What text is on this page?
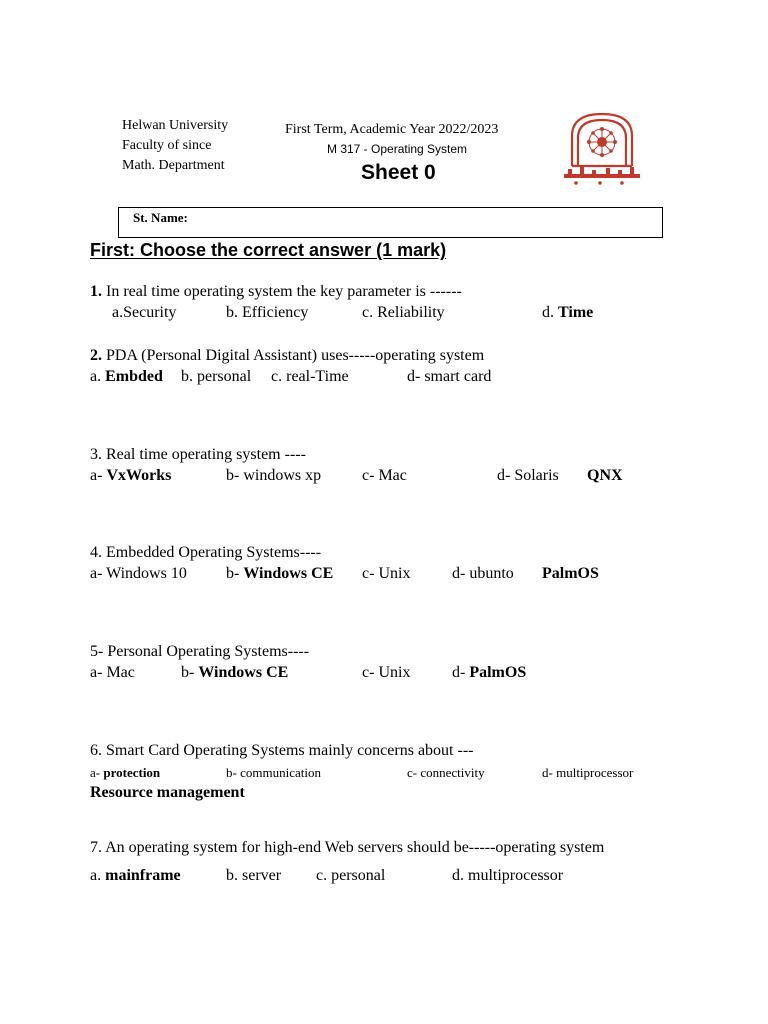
Helwan University
Faculty of since
Math. Department
First Term, Academic Year 2022/2023
M 317 - Operating System
Sheet 0
St. Name:
First: Choose the correct answer (1 mark)
1. In real time operating system the key parameter is ------
a.Security	b. Efficiency	c. Reliability	d. Time
2. PDA (Personal Digital Assistant) uses-----operating system
a. Embded b. personal c. real-Time	d- smart card
3. Real time operating system ----
a- VxWorks	b- windows xp	c- Mac	d- Solaris QNX
4. Embedded Operating Systems----
a- Windows 10 b- Windows CE c- Unix	d- ubunto PalmOS
5- Personal Operating Systems----
a- Mac	b- Windows CE	c- Unix	d- PalmOS
6. Smart Card Operating Systems mainly concerns about ---
a- protection	b- communication	c- connectivity	d- multiprocessor
Resource management
7. An operating system for high-end Web servers should be-----operating system
a. mainframe	b. server c. personal	d. multiprocessor
